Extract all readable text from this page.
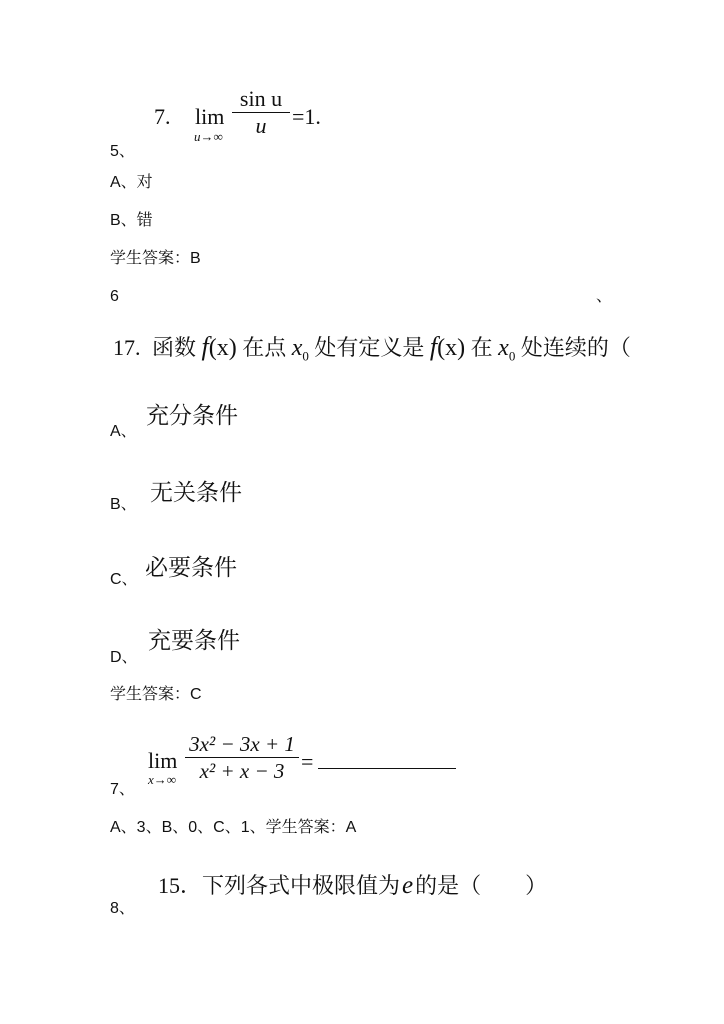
7. lim
u→∞
sin u
u	=1.
5、
A、对
B、错
学生答案：B
6	、
17. 函数 f(x) 在点 $x_0$ 处有定义是 f(x) 在 $x_0$ 处连续的（
充分条件
A、
无关条件
B、
必要条件
C、
充要条件
D、
学生答案：C
lim
x→∞
3x² − 3x + 1
x² + x − 3 =
7、
A、3、B、0、C、1、学生答案：A
15．下列各式中极限值为e的是（　　）
8、
